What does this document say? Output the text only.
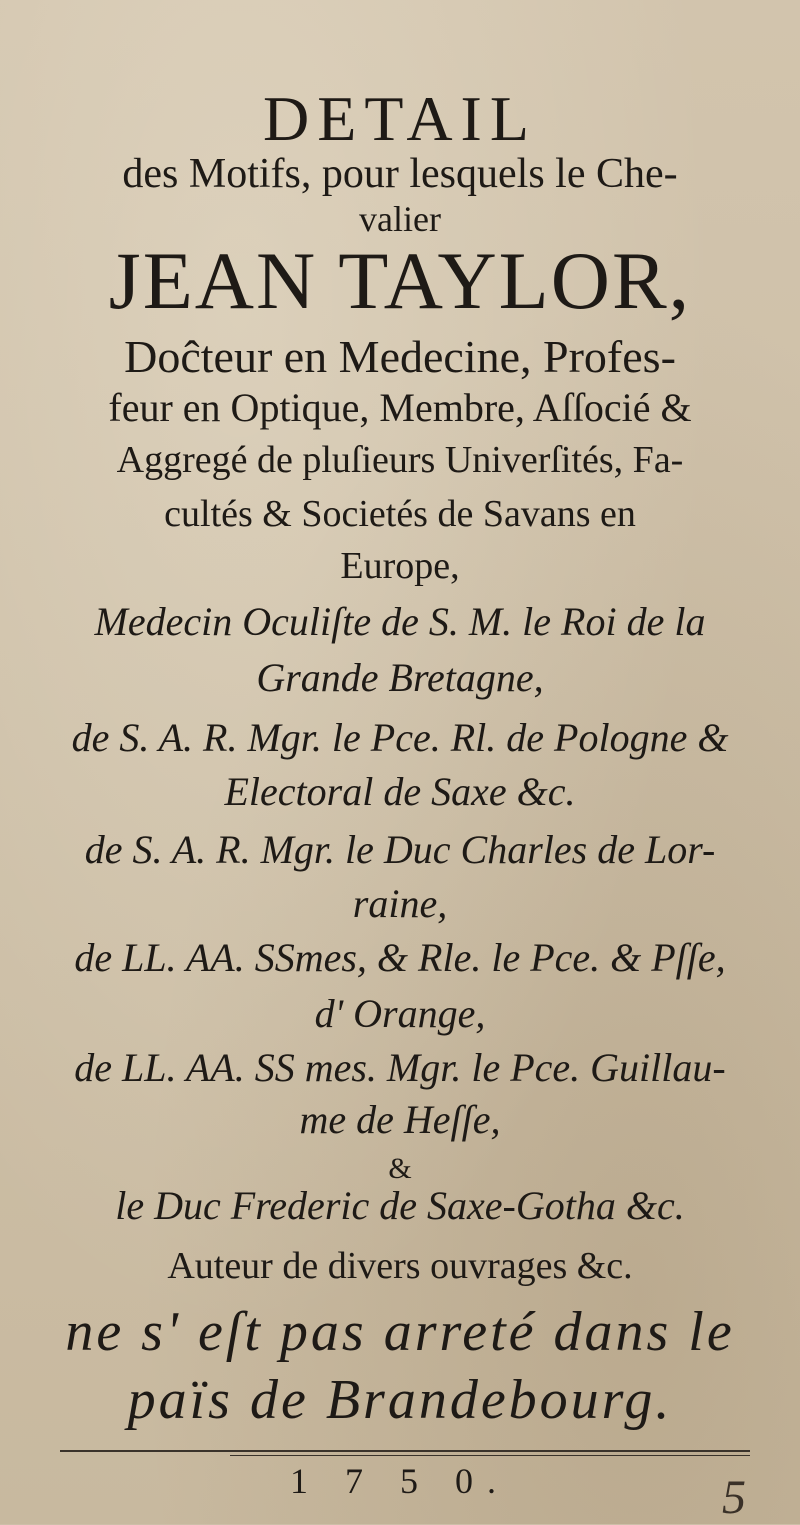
DETAIL
des Motifs, pour lesquels le Che-
valier
JEAN TAYLOR,
Doĉteur en Medecine, Profes-
feur en Optique, Membre, Aſſocié &
Aggregé de pluſieurs Univerſités, Fa-
cultés & Societés de Savans en
Europe,
Medecin Oculiſte de S. M. le Roi de la
Grande Bretagne,
de S. A. R. Mgr. le Pce. Rl. de Pologne &
Electoral de Saxe &c.
de S. A. R. Mgr. le Duc Charles de Lor-
raine,
de LL. AA. SSmes, & Rle. le Pce. & Pſſe,
d' Orange,
de LL. AA. SS mes. Mgr. le Pce. Guillau-
me de Heſſe,
&
le Duc Frederic de Saxe-Gotha &c.
Auteur de divers ouvrages &c.
ne s' eſt pas arreté dans le
païs de Brandebourg.
1 7 5 0.	5
